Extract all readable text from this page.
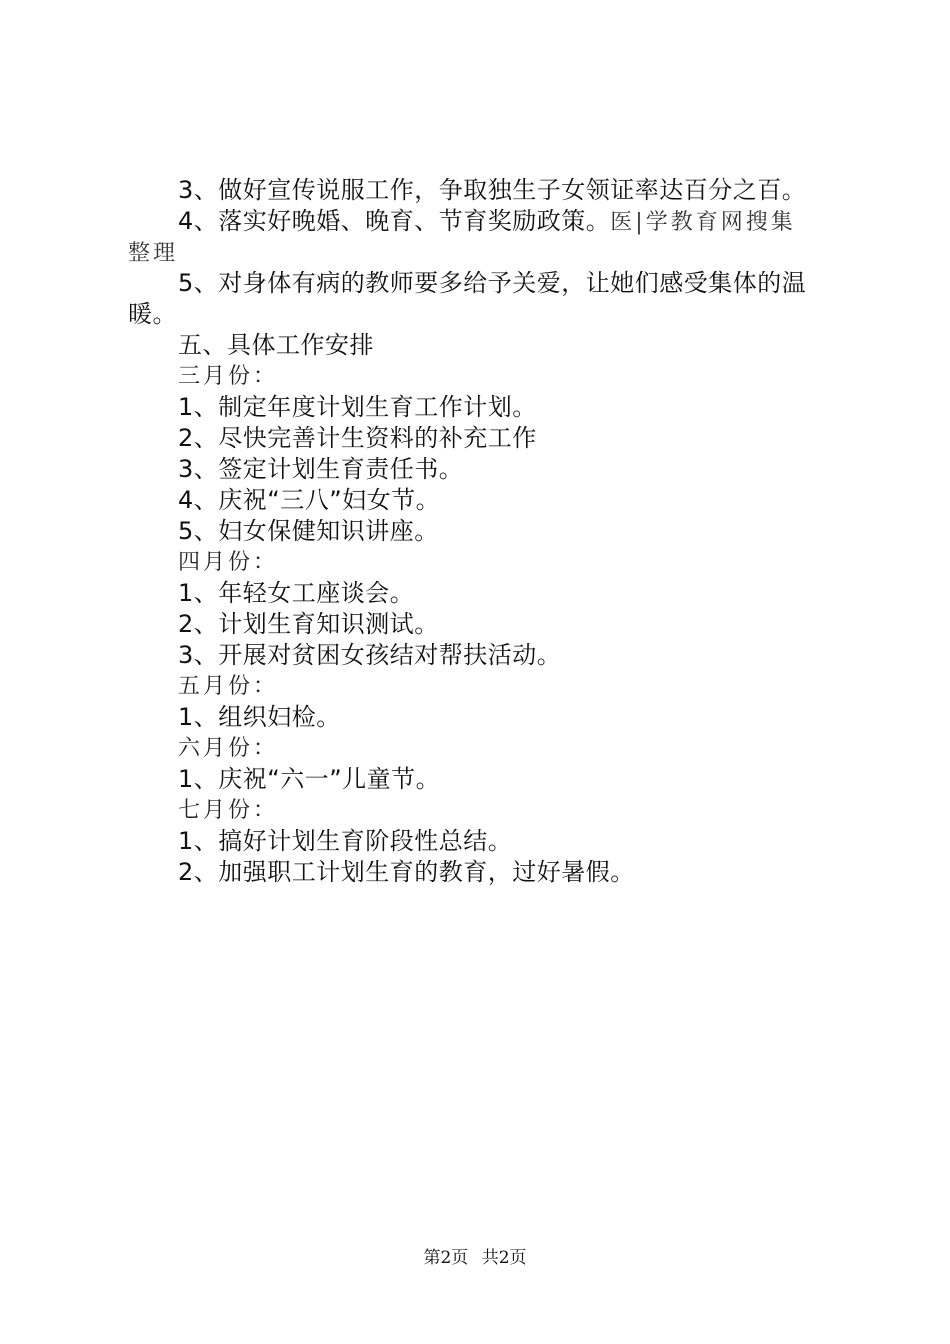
3、做好宣传说服工作，争取独生子女领证率达百分之百。
4、落实好晚婚、晚育、节育奖励政策。医|学教育网搜集
整理
5、对身体有病的教师要多给予关爱，让她们感受集体的温
暖。
五、具体工作安排
三月份：
1、制定年度计划生育工作计划。
2、尽快完善计生资料的补充工作
3、签定计划生育责任书。
4、庆祝“三八”妇女节。
5、妇女保健知识讲座。
四月份：
1、年轻女工座谈会。
2、计划生育知识测试。
3、开展对贫困女孩结对帮扶活动。
五月份：
1、组织妇检。
六月份：
1、庆祝“六一”儿童节。
七月份：
1、搞好计划生育阶段性总结。
2、加强职工计划生育的教育，过好暑假。
第2页 共2页
